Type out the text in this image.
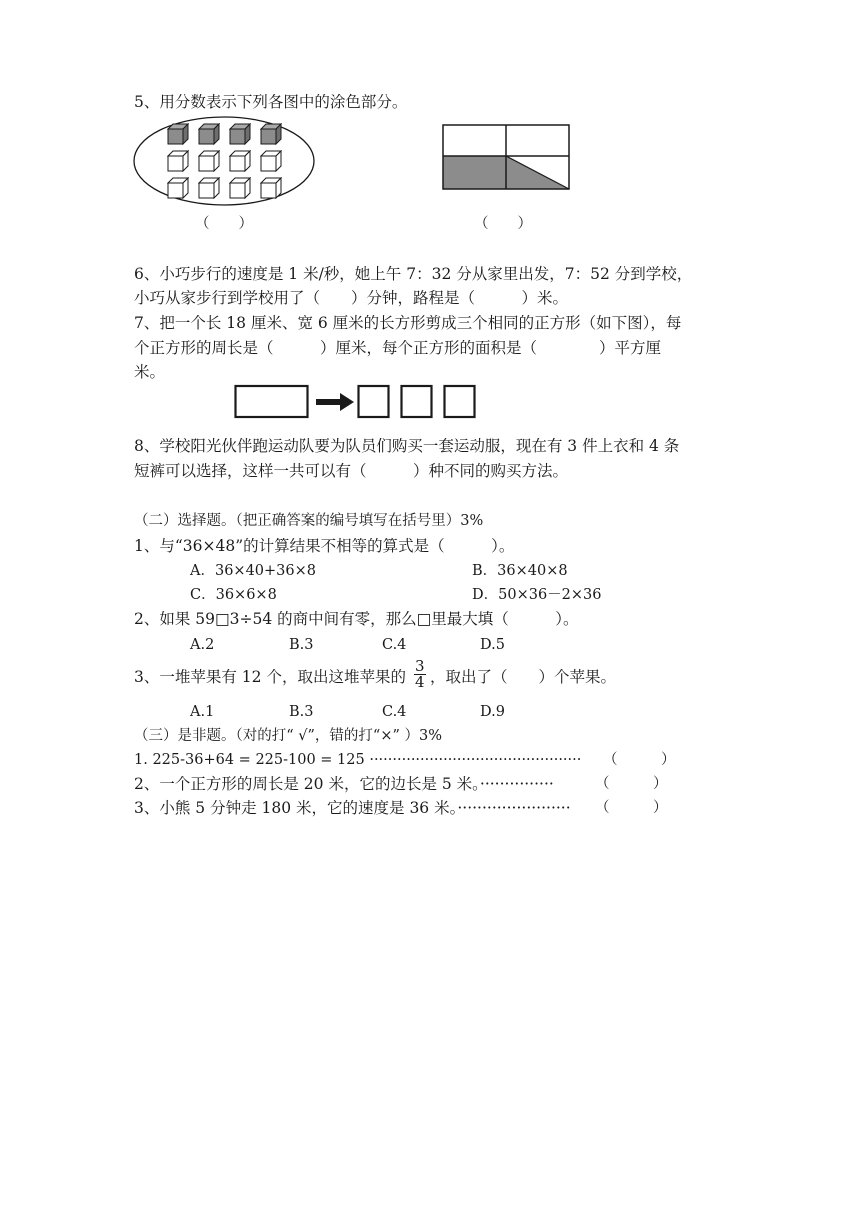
5、用分数表示下列各图中的涂色部分。
（　　）	（　　）
6、小巧步行的速度是 1 米/秒，她上午 7：32 分从家里出发，7：52 分到学校，
小巧从家步行到学校用了（　　）分钟，路程是（　　　）米。
7、把一个长 18 厘米、宽 6 厘米的长方形剪成三个相同的正方形（如下图），每
个正方形的周长是（　　　）厘米，每个正方形的面积是（　　　　）平方厘
米。
8、学校阳光伙伴跑运动队要为队员们购买一套运动服，现在有 3 件上衣和 4 条
短裤可以选择，这样一共可以有（　　　）种不同的购买方法。
（二）选择题。（把正确答案的编号填写在括号里）3%
1、与“36×48”的计算结果不相等的算式是（　　　）。
A．36×40+36×8	B．36×40×8
C．36×6×8	D．50×36－2×36
2、如果 59□3÷54 的商中间有零，那么□里最大填（　　　）。
A.2	B.3	C.4	D.5
3、一堆苹果有 12 个，取出这堆苹果的 $\frac{3}{4}$ ，取出了（　　）个苹果。
A.1	B.3	C.4	D.9
（三）是非题。（对的打“ √”，错的打“×” ）3%
1. 225-36+64 = 225-100 = 125 ·············································· （　　　）
2、一个正方形的周长是 20 米，它的边长是 5 米。···············	（　　　）
3、小熊 5 分钟走 180 米，它的速度是 36 米。······················· （　　　）
